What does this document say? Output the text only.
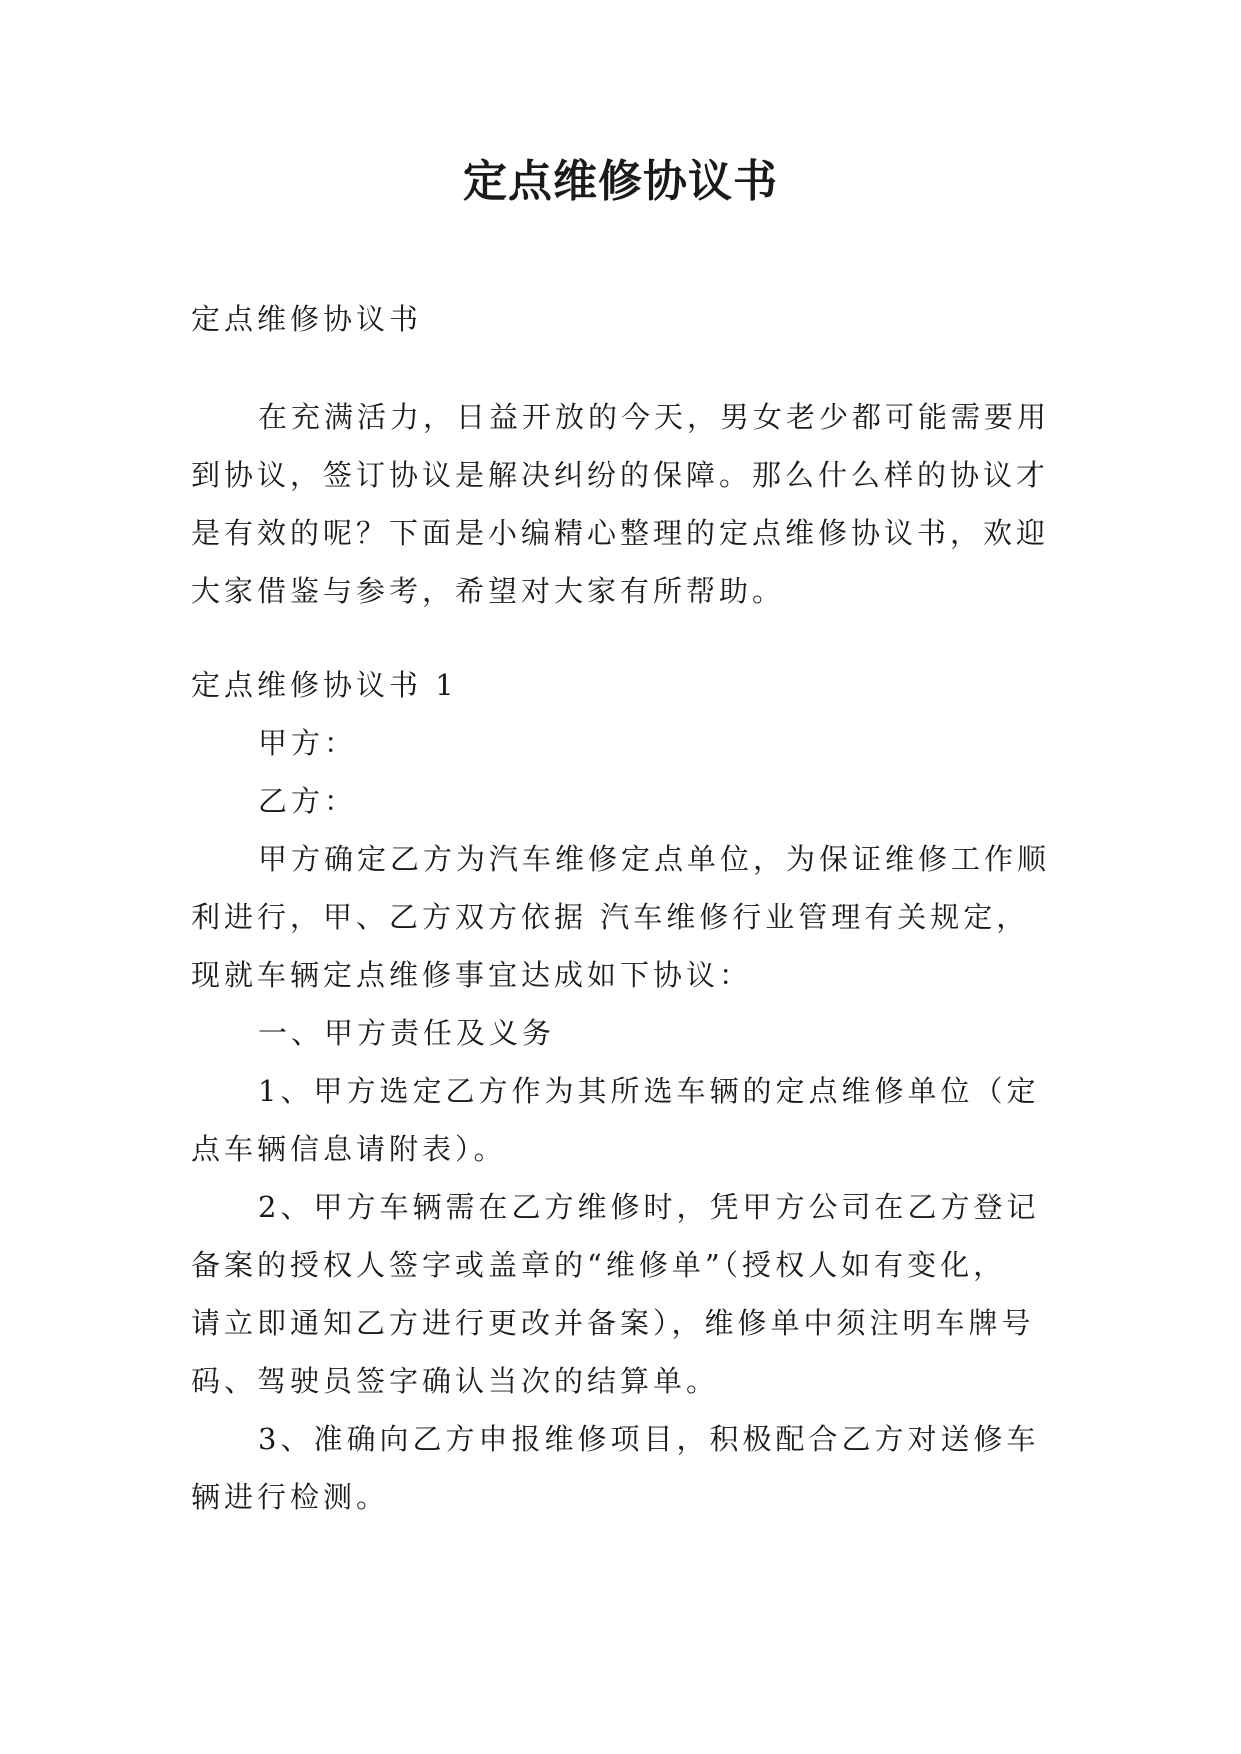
定点维修协议书

定点维修协议书

在充满活力，日益开放的今天，男女老少都可能需要用

到协议，签订协议是解决纠纷的保障。那么什么样的协议才

是有效的呢？下面是小编精心整理的定点维修协议书，欢迎

大家借鉴与参考，希望对大家有所帮助。

定点维修协议书 1

甲方：

乙方：

甲方确定乙方为汽车维修定点单位，为保证维修工作顺

利进行，甲、乙方双方依据 汽车维修行业管理有关规定，

现就车辆定点维修事宜达成如下协议：

一、甲方责任及义务

1、甲方选定乙方作为其所选车辆的定点维修单位（定

点车辆信息请附表）。

2、甲方车辆需在乙方维修时，凭甲方公司在乙方登记

备案的授权人签字或盖章的“维修单”（授权人如有变化，

请立即通知乙方进行更改并备案），维修单中须注明车牌号

码、驾驶员签字确认当次的结算单。

3、准确向乙方申报维修项目，积极配合乙方对送修车

辆进行检测。
